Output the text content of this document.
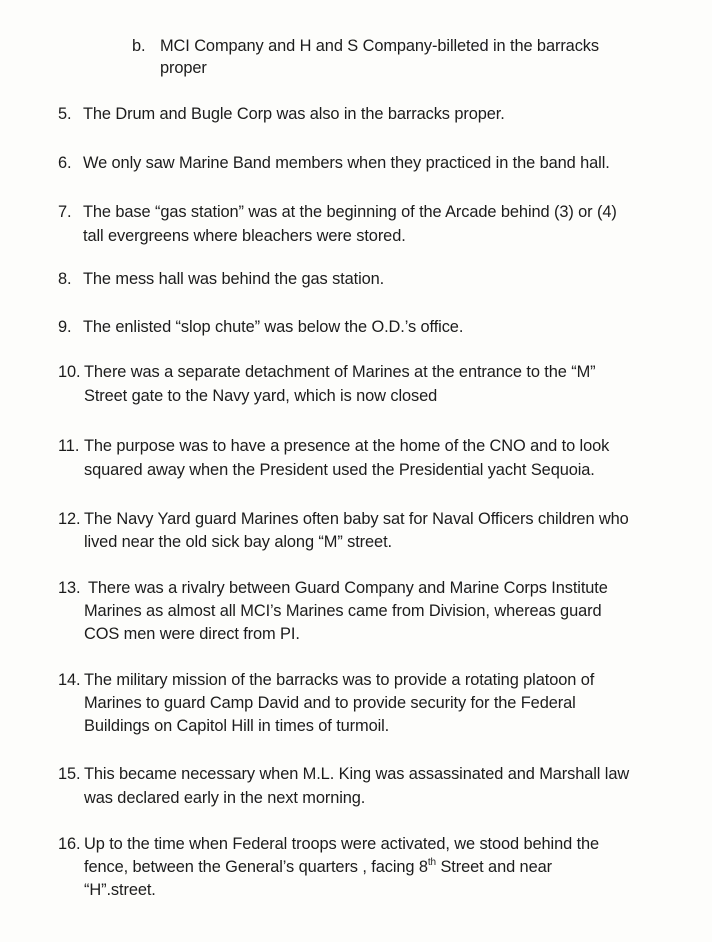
b. MCI Company and H and S Company-billeted in the barracks
proper
5. The Drum and Bugle Corp was also in the barracks proper.
6. We only saw Marine Band members when they practiced in the band hall.
7. The base “gas station” was at the beginning of the Arcade behind (3) or (4)
tall evergreens where bleachers were stored.
8. The mess hall was behind the gas station.
9. The enlisted “slop chute” was below the O.D.’s office.
10. There was a separate detachment of Marines at the entrance to the “M”
Street gate to the Navy yard, which is now closed
11. The purpose was to have a presence at the home of the CNO and to look
squared away when the President used the Presidential yacht Sequoia.
12. The Navy Yard guard Marines often baby sat for Naval Officers children who
lived near the old sick bay along “M” street.
13. There was a rivalry between Guard Company and Marine Corps Institute
Marines as almost all MCI’s Marines came from Division, whereas guard
COS men were direct from PI.
14. The military mission of the barracks was to provide a rotating platoon of
Marines to guard Camp David and to provide security for the Federal
Buildings on Capitol Hill in times of turmoil.
15. This became necessary when M.L. King was assassinated and Marshall law
was declared early in the next morning.
16. Up to the time when Federal troops were activated, we stood behind the
fence, between the General’s quarters , facing 8th Street and near
“H”.street.
